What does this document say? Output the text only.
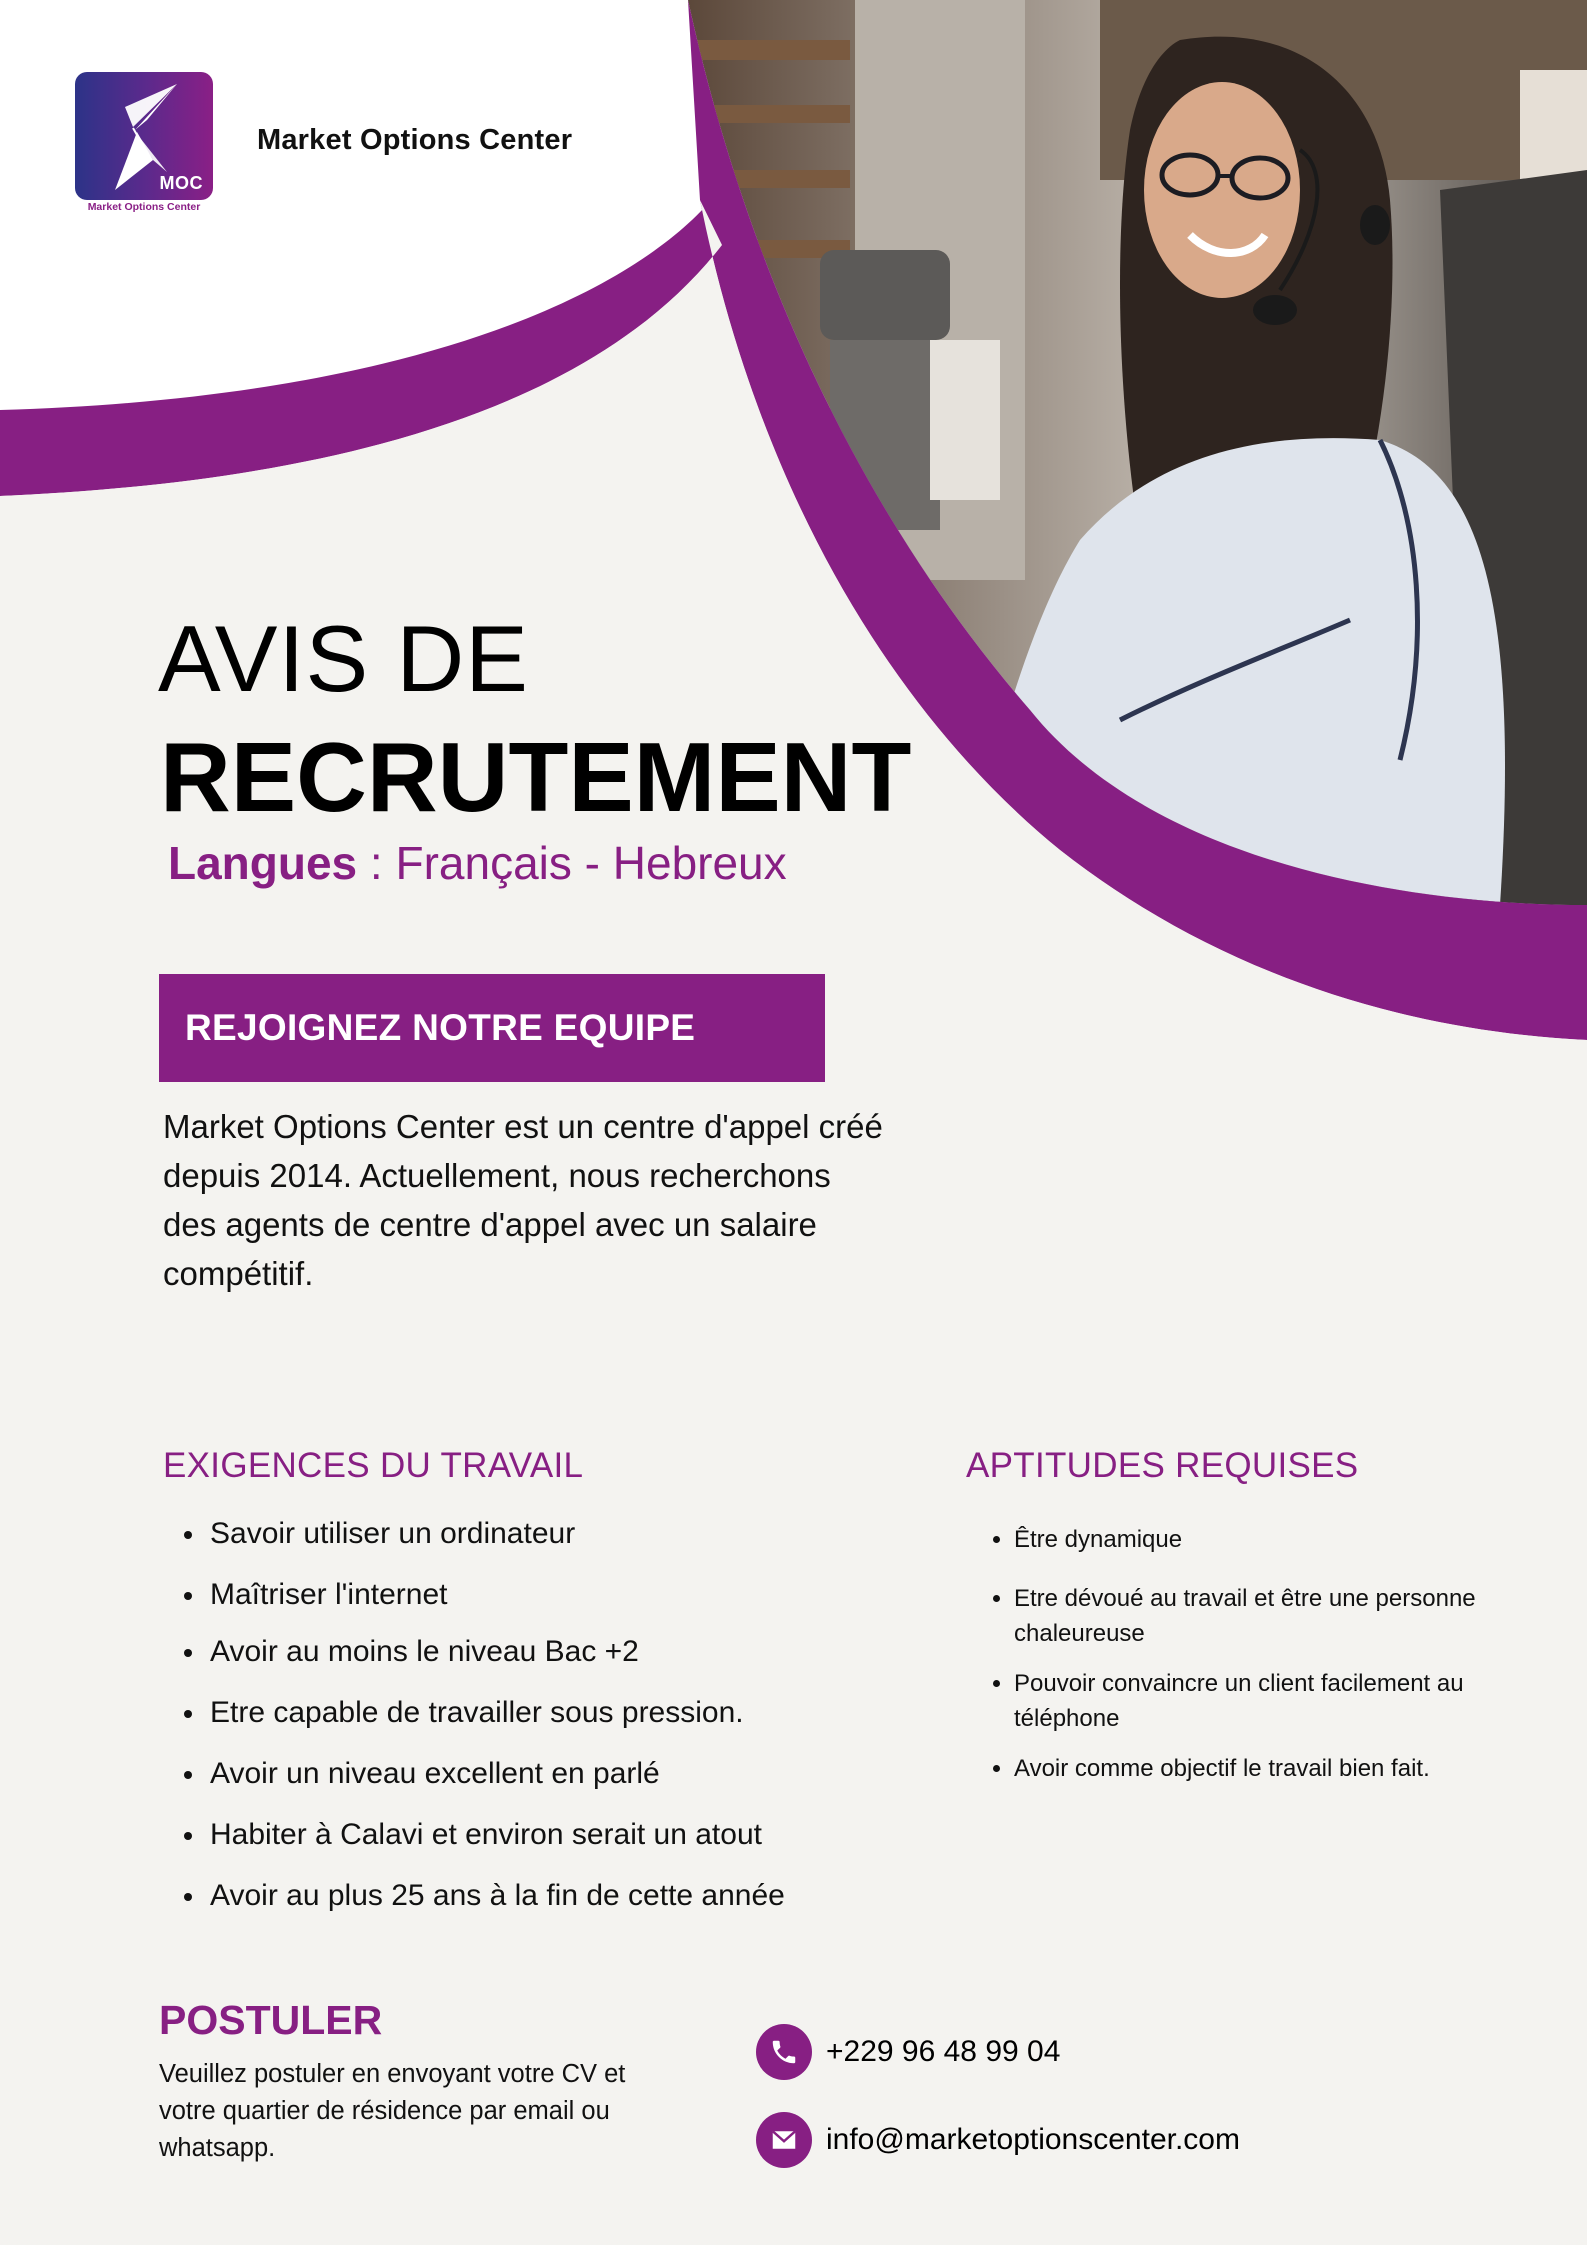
MOC
Market Options Center
Market Options Center
AVIS DE
RECRUTEMENT
Langues : Français - Hebreux
REJOIGNEZ NOTRE EQUIPE

Market Options Center est un centre d'appel créé depuis 2014. Actuellement, nous recherchons des agents de centre d'appel avec un salaire compétitif.

EXIGENCES DU TRAVAIL
Savoir utiliser un ordinateur
Maîtriser l'internet
Avoir au moins le niveau Bac +2
Etre capable de travailler sous pression.
Avoir un niveau excellent en parlé
Habiter à Calavi et environ serait un atout
Avoir au plus 25 ans à la fin de cette année
APTITUDES REQUISES
Être dynamique
Etre dévoué au travail et être une personne chaleureuse
Pouvoir convaincre un client facilement au téléphone
Avoir comme objectif le travail bien fait.
POSTULER

Veuillez postuler en envoyant votre CV et votre quartier de résidence par email ou whatsapp.

+229 96 48 99 04
info@marketoptionscenter.com
